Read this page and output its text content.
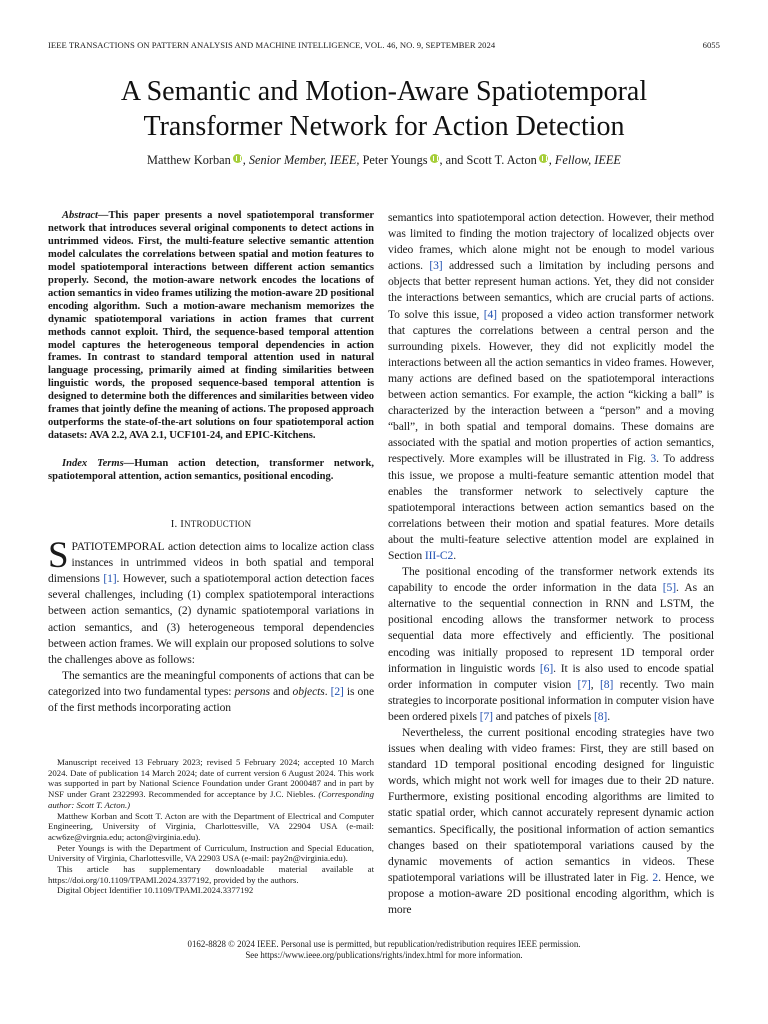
IEEE TRANSACTIONS ON PATTERN ANALYSIS AND MACHINE INTELLIGENCE, VOL. 46, NO. 9, SEPTEMBER 2024	6055
A Semantic and Motion-Aware Spatiotemporal
Transformer Network for Action Detection
Matthew Korban , Senior Member, IEEE, Peter Youngs , and Scott T. Acton , Fellow, IEEE

Abstract—This paper presents a novel spatiotemporal transformer network that introduces several original components to detect actions in untrimmed videos. First, the multi-feature selective semantic attention model calculates the correlations between spatial and motion features to model spatiotemporal interactions between different action semantics properly. Second, the motion-aware network encodes the locations of action semantics in video frames utilizing the motion-aware 2D positional encoding algorithm. Such a motion-aware mechanism memorizes the dynamic spatiotemporal variations in action frames that current methods cannot exploit. Third, the sequence-based temporal attention model captures the heterogeneous temporal dependencies in action frames. In contrast to standard temporal attention used in natural language processing, primarily aimed at finding similarities between linguistic words, the proposed sequence-based temporal attention is designed to determine both the differences and similarities between video frames that jointly define the meaning of actions. The proposed approach outperforms the state-of-the-art solutions on four spatiotemporal action datasets: AVA 2.2, AVA 2.1, UCF101-24, and EPIC-Kitchens.

Index Terms—Human action detection, transformer network, spatiotemporal attention, action semantics, positional encoding.

I. INTRODUCTION
SPATIOTEMPORAL action detection aims to localize action class instances in untrimmed videos in both spatial and temporal dimensions [1]. However, such a spatiotemporal action detection faces several challenges, including (1) complex spatiotemporal interactions between action semantics, (2) dynamic spatiotemporal variations in action semantics, and (3) heterogeneous temporal dependencies between action frames. We will explain our proposed solutions to solve the challenges above as follows:

The semantics are the meaningful components of actions that can be categorized into two fundamental types: persons and objects. [2] is one of the first methods incorporating action

Manuscript received 13 February 2023; revised 5 February 2024; accepted 10 March 2024. Date of publication 14 March 2024; date of current version 6 August 2024. This work was supported in part by National Science Foundation under Grant 2000487 and in part by NSF under Grant 2322993. Recommended for acceptance by J.C. Niebles. (Corresponding author: Scott T. Acton.)

Matthew Korban and Scott T. Acton are with the Department of Electrical and Computer Engineering, University of Virginia, Charlottesville, VA 22904 USA (e-mail: acw6ze@virgnia.edu; acton@virginia.edu).

Peter Youngs is with the Department of Curriculum, Instruction and Special Education, University of Virginia, Charlottesville, VA 22903 USA (e-mail: pay2n@virginia.edu).

This article has supplementary downloadable material available at https://doi.org/10.1109/TPAMI.2024.3377192, provided by the authors.

Digital Object Identifier 10.1109/TPAMI.2024.3377192

semantics into spatiotemporal action detection. However, their method was limited to finding the motion trajectory of localized objects over video frames, which alone might not be enough to model various actions. [3] addressed such a limitation by including persons and objects that better represent human actions. Yet, they did not consider the interactions between semantics, which are crucial parts of actions. To solve this issue, [4] proposed a video action transformer network that captures the correlations between a central person and the surrounding pixels. However, they did not explicitly model the interactions between all the action semantics in video frames. However, many actions are defined based on the spatiotemporal interactions between action semantics. For example, the action “kicking a ball” is characterized by the interaction between a “person” and a moving “ball”, in both spatial and temporal domains. These domains are associated with the spatial and motion properties of action semantics, respectively. More examples will be illustrated in Fig. 3. To address this issue, we propose a multi-feature semantic attention model that enables the transformer network to selectively capture the spatiotemporal interactions between action semantics based on the correlations between their motion and spatial features. More details about the multi-feature selective attention model are explained in Section III-C2.

The positional encoding of the transformer network extends its capability to encode the order information in the data [5]. As an alternative to the sequential connection in RNN and LSTM, the positional encoding allows the transformer network to process sequential data more effectively and efficiently. The positional encoding was initially proposed to represent 1D temporal order information in linguistic words [6]. It is also used to encode spatial order information in computer vision [7], [8] recently. Two main strategies to incorporate positional information in computer vision have been ordered pixels [7] and patches of pixels [8].

Nevertheless, the current positional encoding strategies have two issues when dealing with video frames: First, they are still based on standard 1D temporal positional encoding designed for linguistic words, which might not work well for images due to their 2D nature. Furthermore, existing positional encoding algorithms are limited to static spatial order, which cannot accurately represent dynamic action semantics. Specifically, the positional information of action semantics changes based on their spatiotemporal variations caused by the dynamic movements of action semantics in videos. These spatiotemporal variations will be illustrated later in Fig. 2. Hence, we propose a motion-aware 2D positional encoding algorithm, which is more

0162-8828 © 2024 IEEE. Personal use is permitted, but republication/redistribution requires IEEE permission.
See https://www.ieee.org/publications/rights/index.html for more information.
